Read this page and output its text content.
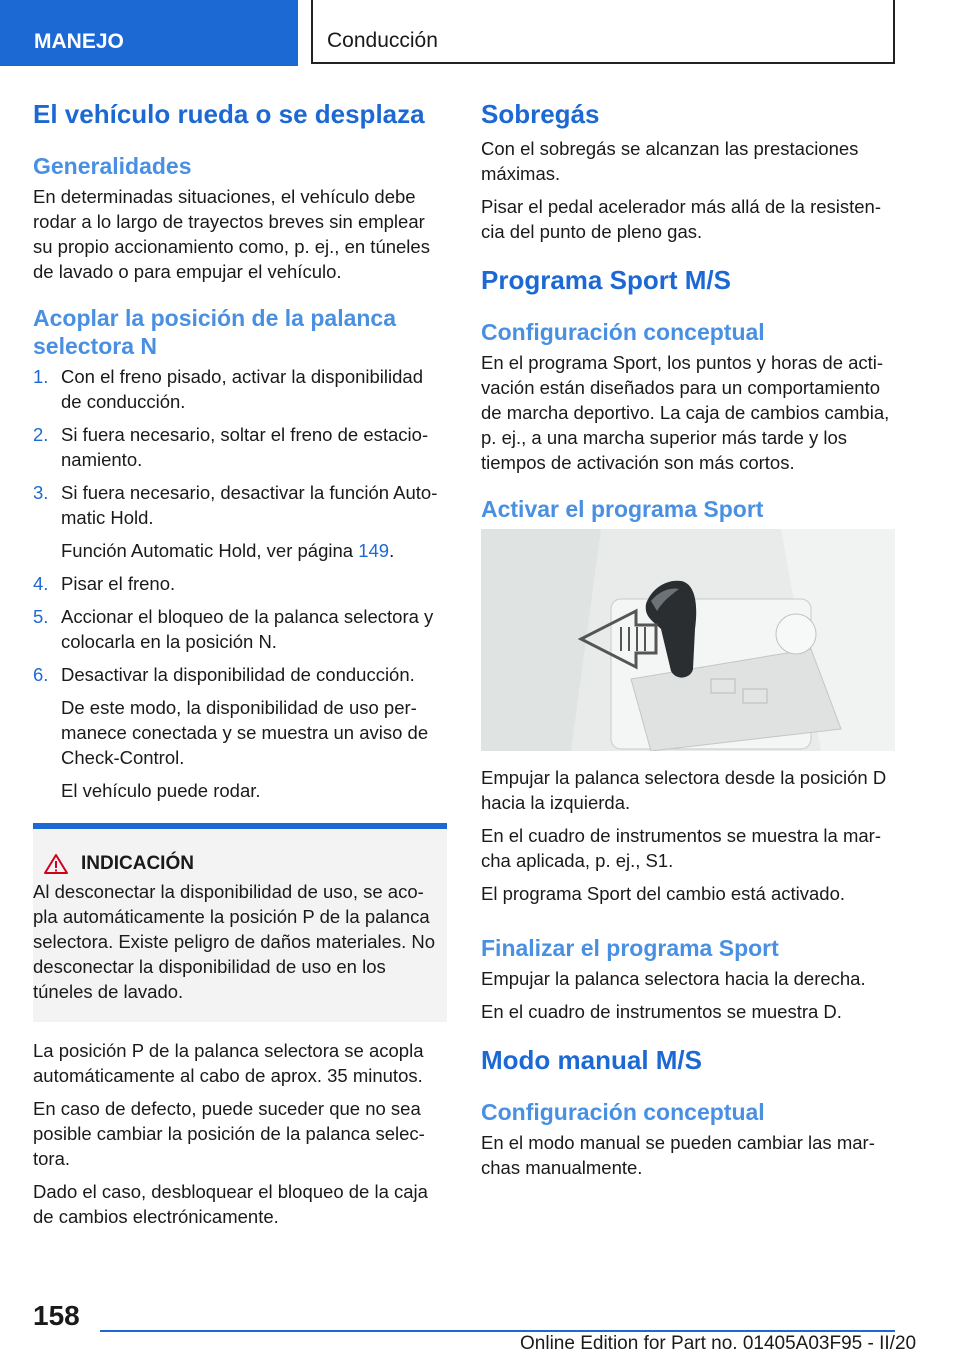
MANEJO	Conducción
El vehículo rueda o se desplaza
Generalidades

En determinadas situaciones, el vehículo debe rodar a lo largo de trayectos breves sin emplear su propio accionamiento como, p. ej., en túneles de lavado o para empujar el vehículo.

Acoplar la posición de la palanca selectora N
1. Con el freno pisado, activar la disponibilidad de conducción.
2. Si fuera necesario, soltar el freno de estacionamiento.
3. Si fuera necesario, desactivar la función Automatic Hold.
Función Automatic Hold, ver página 149.
4. Pisar el freno.
5. Accionar el bloqueo de la palanca selectora y colocarla en la posición N.
6. Desactivar la disponibilidad de conducción.
De este modo, la disponibilidad de uso permanece conectada y se muestra un aviso de Check-Control.
El vehículo puede rodar.
INDICACIÓN

Al desconectar la disponibilidad de uso, se acopla automáticamente la posición P de la palanca selectora. Existe peligro de daños materiales. No desconectar la disponibilidad de uso en los túneles de lavado.

La posición P de la palanca selectora se acopla automáticamente al cabo de aprox. 35 minutos.

En caso de defecto, puede suceder que no sea posible cambiar la posición de la palanca selectora.

Dado el caso, desbloquear el bloqueo de la caja de cambios electrónicamente.

Sobregás

Con el sobregás se alcanzan las prestaciones máximas.

Pisar el pedal acelerador más allá de la resistencia del punto de pleno gas.

Programa Sport M/S
Configuración conceptual

En el programa Sport, los puntos y horas de activación están diseñados para un comportamiento de marcha deportivo. La caja de cambios cambia, p. ej., a una marcha superior más tarde y los tiempos de activación son más cortos.

Activar el programa Sport

Empujar la palanca selectora desde la posición D hacia la izquierda.

En el cuadro de instrumentos se muestra la marcha aplicada, p. ej., S1.

El programa Sport del cambio está activado.

Finalizar el programa Sport

Empujar la palanca selectora hacia la derecha.

En el cuadro de instrumentos se muestra D.

Modo manual M/S
Configuración conceptual

En el modo manual se pueden cambiar las marchas manualmente.

158
Online Edition for Part no. 01405A03F95 - II/20
